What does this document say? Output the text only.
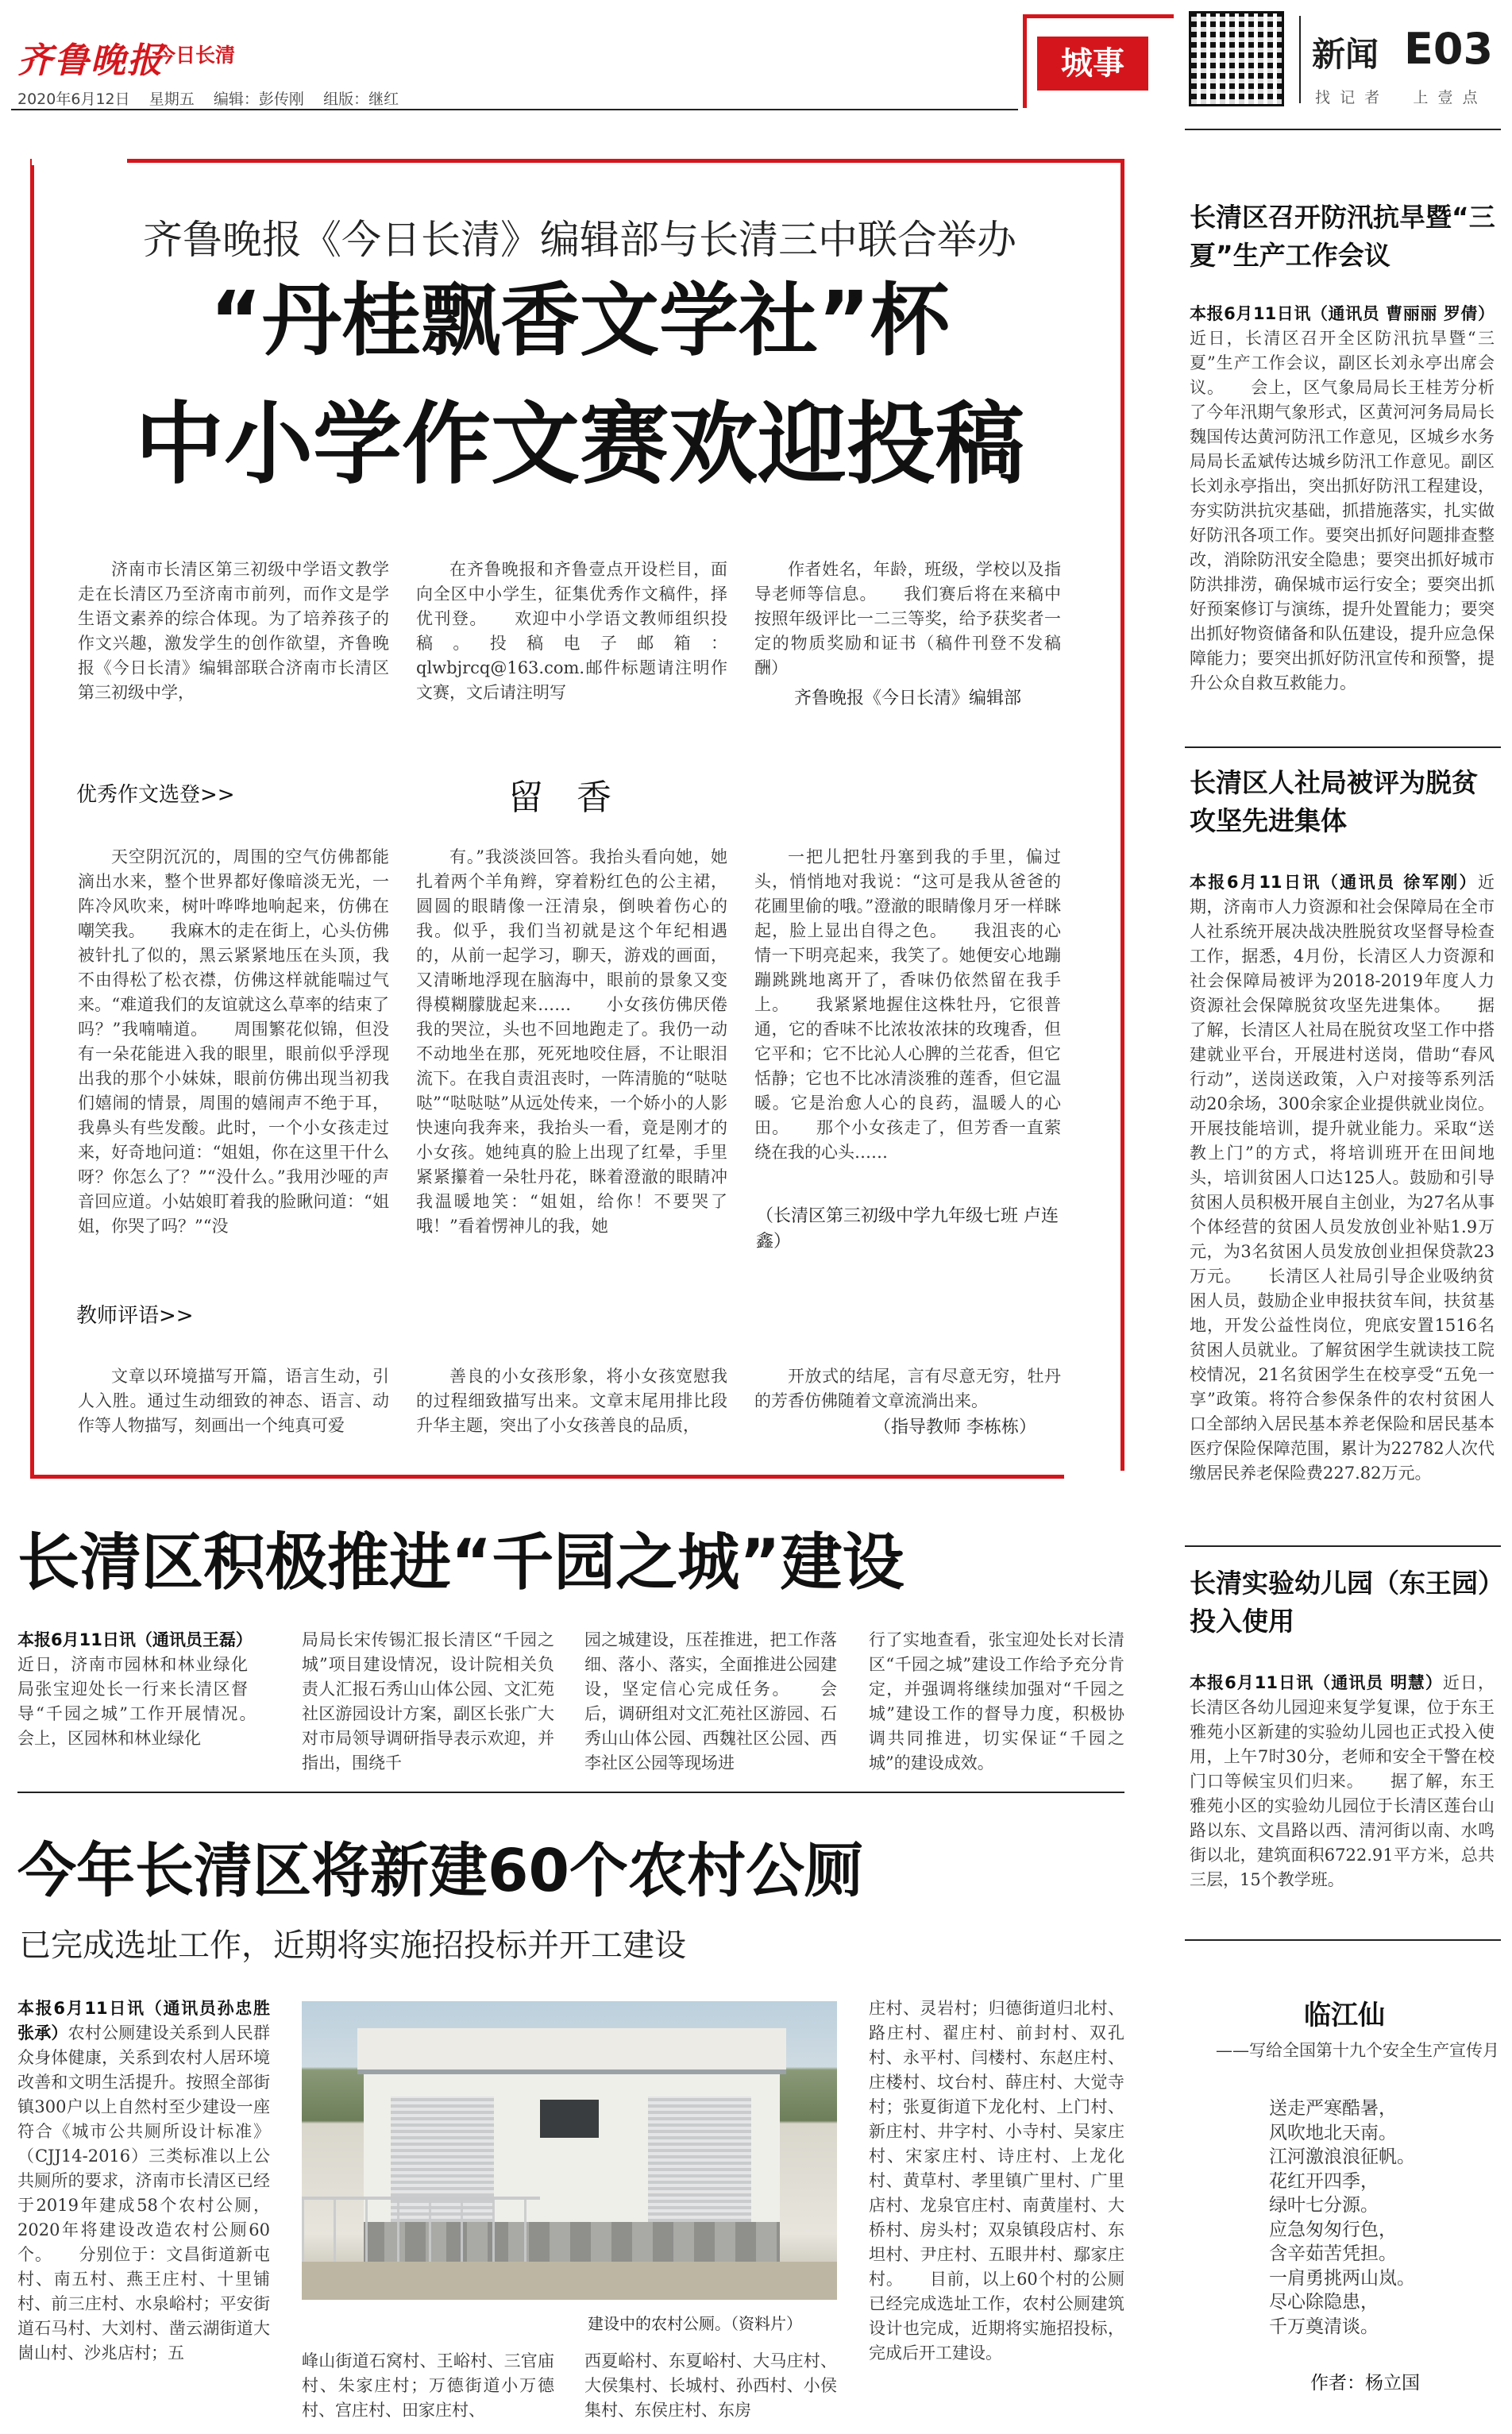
齐鲁晚报
今日长清
2020年6月12日    星期五    编辑：彭传刚    组版：继红
城事	新闻 E03
找  记  者       上  壹  点
齐鲁晚报《今日长清》编辑部与长清三中联合举办
“丹桂飘香文学社”杯
中小学作文赛欢迎投稿

济南市长清区第三初级中学语文教学走在长清区乃至济南市前列，而作文是学生语文素养的综合体现。为了培养孩子的作文兴趣，激发学生的创作欲望，齐鲁晚报《今日长清》编辑部联合济南市长清区第三初级中学，

在齐鲁晚报和齐鲁壹点开设栏目，面向全区中小学生，征集优秀作文稿件，择优刊登。　　欢迎中小学语文教师组织投稿。投稿电子邮箱：qlwbjrcq@163.com.邮件标题请注明作文赛，文后请注明写

作者姓名，年龄，班级，学校以及指导老师等信息。　　我们赛后将在来稿中按照年级评比一二三等奖，给予获奖者一定的物质奖励和证书（稿件刊登不发稿酬）

齐鲁晚报《今日长清》编辑部
优秀作文选登>>	留   香

天空阴沉沉的，周围的空气仿佛都能滴出水来，整个世界都好像暗淡无光，一阵冷风吹来，树叶哗哗地响起来，仿佛在嘲笑我。　　我麻木的走在街上，心头仿佛被针扎了似的，黑云紧紧地压在头顶，我不由得松了松衣襟，仿佛这样就能喘过气来。“难道我们的友谊就这么草率的结束了吗？”我喃喃道。　　周围繁花似锦，但没有一朵花能进入我的眼里，眼前似乎浮现出我的那个小妹妹，眼前仿佛出现当初我们嬉闹的情景，周围的嬉闹声不绝于耳，我鼻头有些发酸。此时，一个小女孩走过来，好奇地问道：“姐姐，你在这里干什么呀？你怎么了？”“没什么。”我用沙哑的声音回应道。小姑娘盯着我的脸瞅问道：“姐姐，你哭了吗？”“没

有。”我淡淡回答。我抬头看向她，她扎着两个羊角辫，穿着粉红色的公主裙，圆圆的眼睛像一汪清泉，倒映着伤心的我。似乎，我们当初就是这个年纪相遇的，从前一起学习，聊天，游戏的画面，又清晰地浮现在脑海中，眼前的景象又变得模糊朦胧起来……　　小女孩仿佛厌倦我的哭泣，头也不回地跑走了。我仍一动不动地坐在那，死死地咬住唇，不让眼泪流下。在我自责沮丧时，一阵清脆的“哒哒哒”“哒哒哒”从远处传来，一个娇小的人影快速向我奔来，我抬头一看，竟是刚才的小女孩。她纯真的脸上出现了红晕，手里紧紧攥着一朵牡丹花，眯着澄澈的眼睛冲我温暖地笑：“姐姐，给你！不要哭了哦！”看着愣神儿的我，她

一把儿把牡丹塞到我的手里，偏过头，悄悄地对我说：“这可是我从爸爸的花圃里偷的哦。”澄澈的眼睛像月牙一样眯起，脸上显出自得之色。　　我沮丧的心情一下明亮起来，我笑了。她便安心地蹦蹦跳跳地离开了，香味仍依然留在我手上。　　我紧紧地握住这株牡丹，它很普通，它的香味不比浓妆浓抹的玫瑰香，但它平和；它不比沁人心脾的兰花香，但它恬静；它也不比冰清淡雅的莲香，但它温暖。它是治愈人心的良药，温暖人的心田。　　那个小女孩走了，但芳香一直萦绕在我的心头……

（长清区第三初级中学九年级七班 卢连鑫）
教师评语>>

文章以环境描写开篇，语言生动，引人入胜。通过生动细致的神态、语言、动作等人物描写，刻画出一个纯真可爱

善良的小女孩形象，将小女孩宽慰我的过程细致描写出来。文章末尾用排比段升华主题，突出了小女孩善良的品质，

开放式的结尾，言有尽意无穷，牡丹的芳香仿佛随着文章流淌出来。

（指导教师 李栋栋）
长清区积极推进“千园之城”建设
本报6月11日讯（通讯员王磊）近日，济南市园林和林业绿化局张宝迎处长一行来长清区督导“千园之城”工作开展情况。　　会上，区园林和林业绿化
局局长宋传锡汇报长清区“千园之城”项目建设情况，设计院相关负责人汇报石秀山山体公园、文汇苑社区游园设计方案，副区长张广大对市局领导调研指导表示欢迎，并指出，围绕千
园之城建设，压茬推进，把工作落细、落小、落实，全面推进公园建设，坚定信心完成任务。　　会后，调研组对文汇苑社区游园、石秀山山体公园、西魏社区公园、西李社区公园等现场进
行了实地查看，张宝迎处长对长清区“千园之城”建设工作给予充分肯定，并强调将继续加强对“千园之城”建设工作的督导力度，积极协调共同推进，切实保证“千园之城”的建设成效。
今年长清区将新建60个农村公厕
已完成选址工作，近期将实施招投标并开工建设
本报6月11日讯（通讯员孙忠胜 张承）农村公厕建设关系到人民群众身体健康，关系到农村人居环境改善和文明生活提升。按照全部街镇300户以上自然村至少建设一座符合《城市公共厕所设计标准》（CJJ14-2016）三类标准以上公共厕所的要求，济南市长清区已经于2019年建成58个农村公厕，2020年将建设改造农村公厕60个。　　分别位于：文昌街道新屯村、南五村、燕王庄村、十里铺村、前三庄村、水泉峪村；平安街道石马村、大刘村、凿云湖街道大崮山村、沙兆店村；五
建设中的农村公厕。（资料片）
峰山街道石窝村、王峪村、三官庙村、朱家庄村；万德街道小万德村、宫庄村、田家庄村、
西夏峪村、东夏峪村、大马庄村、大侯集村、长城村、孙西村、小侯集村、东侯庄村、东房
庄村、灵岩村；归德街道归北村、路庄村、翟庄村、前封村、双孔村、永平村、闫楼村、东赵庄村、庄楼村、坟台村、薛庄村、大觉寺村；张夏街道下龙化村、上门村、新庄村、井字村、小寺村、吴家庄村、宋家庄村、诗庄村、上龙化村、黄草村、孝里镇广里村、广里店村、龙泉官庄村、南黄崖村、大桥村、房头村；双泉镇段店村、东坦村、尹庄村、五眼井村、鄢家庄村。　　目前，以上60个村的公厕已经完成选址工作，农村公厕建筑设计也完成，近期将实施招投标，完成后开工建设。
长清区召开防汛抗旱暨“三夏”生产工作会议
本报6月11日讯（通讯员 曹丽丽 罗倩）近日，长清区召开全区防汛抗旱暨“三夏”生产工作会议，副区长刘永亭出席会议。　　会上，区气象局局长王桂芳分析了今年汛期气象形式，区黄河河务局局长魏国传达黄河防汛工作意见，区城乡水务局局长孟斌传达城乡防汛工作意见。副区长刘永亭指出，突出抓好防汛工程建设，夯实防洪抗灾基础，抓措施落实，扎实做好防汛各项工作。要突出抓好问题排查整改，消除防汛安全隐患；要突出抓好城市防洪排涝，确保城市运行安全；要突出抓好预案修订与演练，提升处置能力；要突出抓好物资储备和队伍建设，提升应急保障能力；要突出抓好防汛宣传和预警，提升公众自救互救能力。
长清区人社局被评为脱贫攻坚先进集体
本报6月11日讯（通讯员 徐军刚）近期，济南市人力资源和社会保障局在全市人社系统开展决战决胜脱贫攻坚督导检查工作，据悉，4月份，长清区人力资源和社会保障局被评为2018-2019年度人力资源社会保障脱贫攻坚先进集体。　　据了解，长清区人社局在脱贫攻坚工作中搭建就业平台，开展进村送岗，借助“春风行动”，送岗送政策，入户对接等系列活动20余场，300余家企业提供就业岗位。开展技能培训，提升就业能力。采取“送教上门”的方式，将培训班开在田间地头，培训贫困人口达125人。鼓励和引导贫困人员积极开展自主创业，为27名从事个体经营的贫困人员发放创业补贴1.9万元，为3名贫困人员发放创业担保贷款23万元。　　长清区人社局引导企业吸纳贫困人员，鼓励企业申报扶贫车间，扶贫基地，开发公益性岗位，兜底安置1516名贫困人员就业。了解贫困学生就读技工院校情况，21名贫困学生在校享受“五免一享”政策。将符合参保条件的农村贫困人口全部纳入居民基本养老保险和居民基本医疗保险保障范围，累计为22782人次代缴居民养老保险费227.82万元。
长清实验幼儿园（东王园）投入使用
本报6月11日讯（通讯员 明慧）近日，长清区各幼儿园迎来复学复课，位于东王雅苑小区新建的实验幼儿园也正式投入使用，上午7时30分，老师和安全干警在校门口等候宝贝们归来。　　据了解，东王雅苑小区的实验幼儿园位于长清区莲台山路以东、文昌路以西、清河街以南、水鸣街以北，建筑面积6722.91平方米，总共三层，15个教学班。
临江仙
——写给全国第十九个安全生产宣传月
送走严寒酷暑，
风吹地北天南。
江河激浪浪征帆。
花红开四季，
绿叶七分源。
应急匆匆行色，
含辛茹苦凭担。
一肩勇挑两山岚。
尽心除隐患，
千万奠清谈。
作者：杨立国
